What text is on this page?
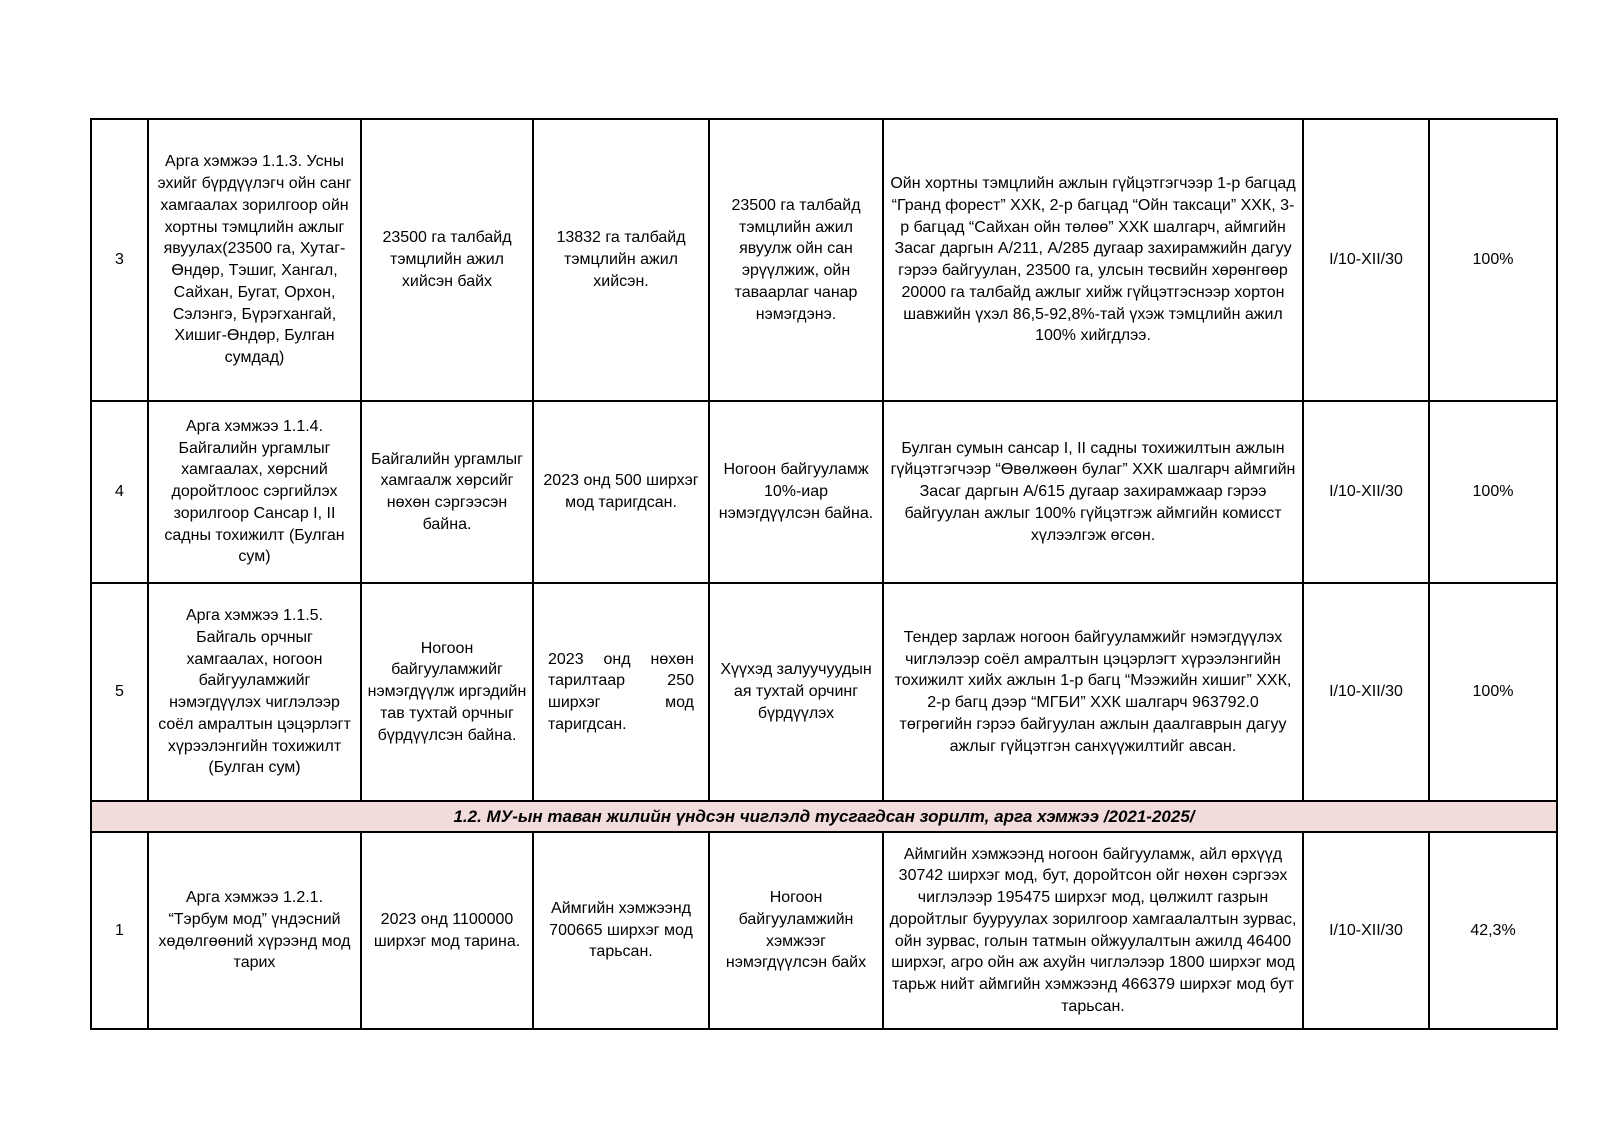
3	Арга хэмжээ 1.1.3. Усны эхийг бүрдүүлэгч ойн санг хамгаалах зорилгоор ойн хортны тэмцлийн ажлыг явуулах(23500 га, Хутаг-Өндөр, Тэшиг, Хангал, Сайхан, Бугат, Орхон, Сэлэнгэ, Бүрэгхангай, Хишиг-Өндөр, Булган сумдад)	23500 га талбайд тэмцлийн ажил хийсэн байх	13832 га талбайд тэмцлийн ажил хийсэн.	23500 га талбайд тэмцлийн ажил явуулж ойн сан эрүүлжиж, ойн таваарлаг чанар нэмэгдэнэ.	Ойн хортны тэмцлийн ажлын гүйцэтгэгчээр 1-р багцад “Гранд форест” ХХК, 2-р багцад “Ойн таксаци” ХХК, 3-р багцад “Сайхан ойн төлөө” ХХК шалгарч, аймгийн Засаг даргын А/211, А/285 дугаар захирамжийн дагуу гэрээ байгуулан, 23500 га, улсын төсвийн хөрөнгөөр 20000 га талбайд ажлыг хийж гүйцэтгэснээр хортон шавжийн үхэл 86,5-92,8%-тай үхэж тэмцлийн ажил 100% хийгдлээ.	I/10-XII/30	100%
4	Арга хэмжээ 1.1.4. Байгалийн ургамлыг хамгаалах, хөрсний доройтлоос сэргийлэх зорилгоор Сансар I, II садны тохижилт (Булган сум)	Байгалийн ургамлыг хамгаалж хөрсийг нөхөн сэргээсэн байна.	2023 онд 500 ширхэг мод таригдсан.	Ногоон байгууламж 10%-иар нэмэгдүүлсэн байна.	Булган сумын сансар I, II садны тохижилтын ажлын гүйцэтгэгчээр “Өвөлжөөн булаг” ХХК шалгарч аймгийн Засаг даргын А/615 дугаар захирамжаар гэрээ байгуулан ажлыг 100% гүйцэтгэж аймгийн комисст хүлээлгэж өгсөн.	I/10-XII/30	100%
5	Арга хэмжээ 1.1.5. Байгаль орчныг хамгаалах, ногоон байгууламжийг нэмэгдүүлэх чиглэлээр соёл амралтын цэцэрлэгт хүрээлэнгийн тохижилт (Булган сум)	Ногоон байгууламжийг нэмэгдүүлж иргэдийн тав тухтай орчныг бүрдүүлсэн байна.	2023 онд нөхөн тарилтаар 250 ширхэг мод таригдсан.	Хүүхэд залуучуудын ая тухтай орчинг бүрдүүлэх	Тендер зарлаж ногоон байгууламжийг нэмэгдүүлэх чиглэлээр соёл амралтын цэцэрлэгт хүрээлэнгийн тохижилт хийх ажлын 1-р багц “Мээжийн хишиг” ХХК, 2-р багц дээр “МГБИ” ХХК шалгарч 963792.0 төгрөгийн гэрээ байгуулан ажлын даалгаврын дагуу ажлыг гүйцэтгэн санхүүжилтийг авсан.	I/10-XII/30	100%
1.2. МУ-ын таван жилийн үндсэн чиглэлд тусгагдсан зорилт, арга хэмжээ /2021-2025/							
1	Арга хэмжээ 1.2.1. “Тэрбум мод” үндэсний хөдөлгөөний хүрээнд мод тарих	2023 онд 1100000 ширхэг мод тарина.	Аймгийн хэмжээнд 700665 ширхэг мод тарьсан.	Ногоон байгууламжийн хэмжээг нэмэгдүүлсэн байх	Аймгийн хэмжээнд ногоон байгууламж, айл өрхүүд 30742 ширхэг мод, бут, доройтсон ойг нөхөн сэргээх чиглэлээр 195475 ширхэг мод, цөлжилт газрын доройтлыг бууруулах зорилгоор хамгаалалтын зурвас, ойн зурвас, голын татмын ойжуулалтын ажилд 46400 ширхэг, агро ойн аж ахуйн чиглэлээр 1800 ширхэг мод тарьж нийт аймгийн хэмжээнд 466379 ширхэг мод бут тарьсан.	I/10-XII/30	42,3%
